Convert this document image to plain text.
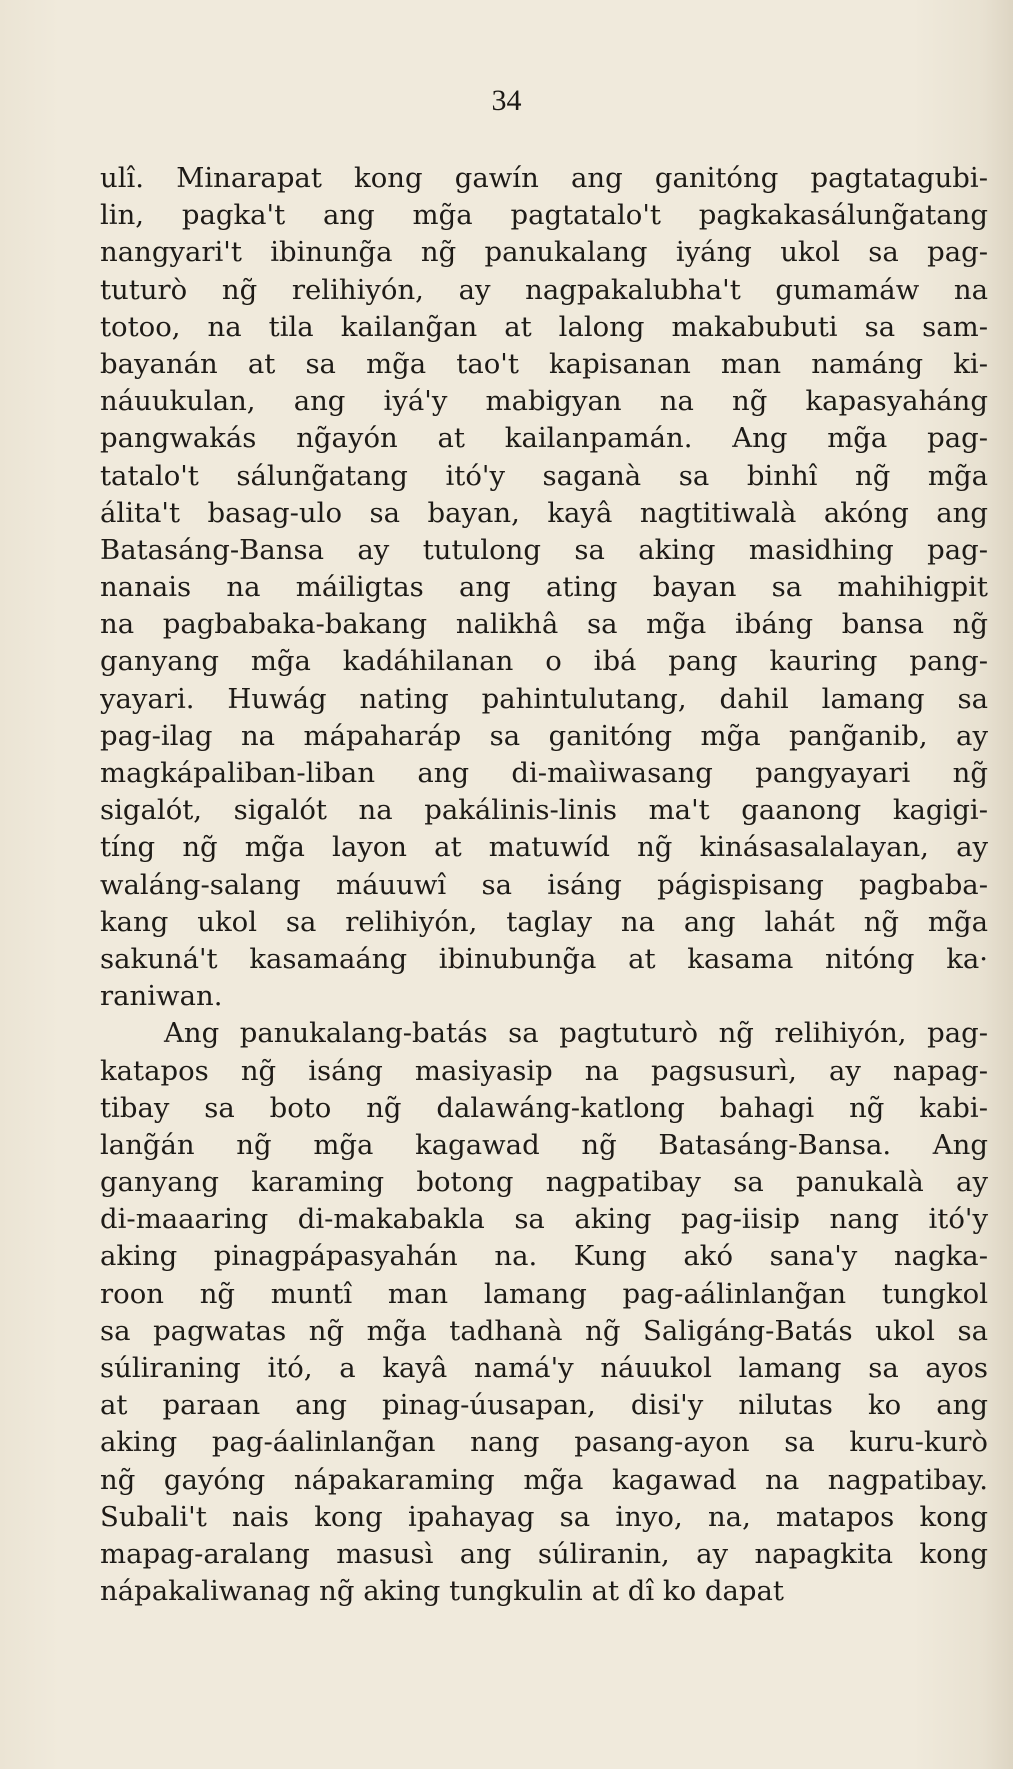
34
ulî. Minarapat kong gawín ang ganitóng pagtatagubi-
lin, pagka't ang mg̃a pagtatalo't pagkakasálung̃atang
nangyari't ibinung̃a ng̃ panukalang iyáng ukol sa pag-
tuturò ng̃ relihiyón, ay nagpakalubha't gumamáw na
totoo, na tila kailang̃an at lalong makabubuti sa sam-
bayanán at sa mg̃a tao't kapisanan man namáng ki-
náuukulan, ang iyá'y mabigyan na ng̃ kapasyaháng
pangwakás ng̃ayón at kailanpamán. Ang mg̃a pag-
tatalo't sálung̃atang itó'y saganà sa binhî ng̃ mg̃a
álita't basag-ulo sa bayan, kayâ nagtitiwalà akóng ang
Batasáng-Bansa ay tutulong sa aking masidhing pag-
nanais na máiligtas ang ating bayan sa mahihigpit
na pagbabaka-bakang nalikhâ sa mg̃a ibáng bansa ng̃
ganyang mg̃a kadáhilanan o ibá pang kauring pang-
yayari. Huwág nating pahintulutang, dahil lamang sa
pag-ilag na mápaharáp sa ganitóng mg̃a pang̃anib, ay
magkápaliban-liban ang di-maìiwasang pangyayari ng̃
sigalót, sigalót na pakálinis-linis ma't gaanong kagigi-
tíng ng̃ mg̃a layon at matuwíd ng̃ kinásasalalayan, ay
waláng-salang máuuwî sa isáng págispisang pagbaba-
kang ukol sa relihiyón, taglay na ang lahát ng̃ mg̃a
sakuná't kasamaáng ibinubung̃a at kasama nitóng ka·
raniwan.
Ang panukalang-batás sa pagtuturò ng̃ relihiyón, pag-
katapos ng̃ isáng masiyasip na pagsusurì, ay napag-
tibay sa boto ng̃ dalawáng-katlong bahagi ng̃ kabi-
lang̃án ng̃ mg̃a kagawad ng̃ Batasáng-Bansa. Ang
ganyang karaming botong nagpatibay sa panukalà ay
di-maaaring di-makabakla sa aking pag-iisip nang itó'y
aking pinagpápasyahán na. Kung akó sana'y nagka-
roon ng̃ muntî man lamang pag-aálinlang̃an tungkol
sa pagwatas ng̃ mg̃a tadhanà ng̃ Saligáng-Batás ukol sa
súliraning itó, a kayâ namá'y náuukol lamang sa ayos
at paraan ang pinag-úusapan, disi'y nilutas ko ang
aking pag-áalinlang̃an nang pasang-ayon sa kuru-kurò
ng̃ gayóng nápakaraming mg̃a kagawad na nagpatibay.
Subali't nais kong ipahayag sa inyo, na, matapos kong
mapag-aralang masusì ang súliranin, ay napagkita kong
nápakaliwanag ng̃ aking tungkulin at dî ko dapat
